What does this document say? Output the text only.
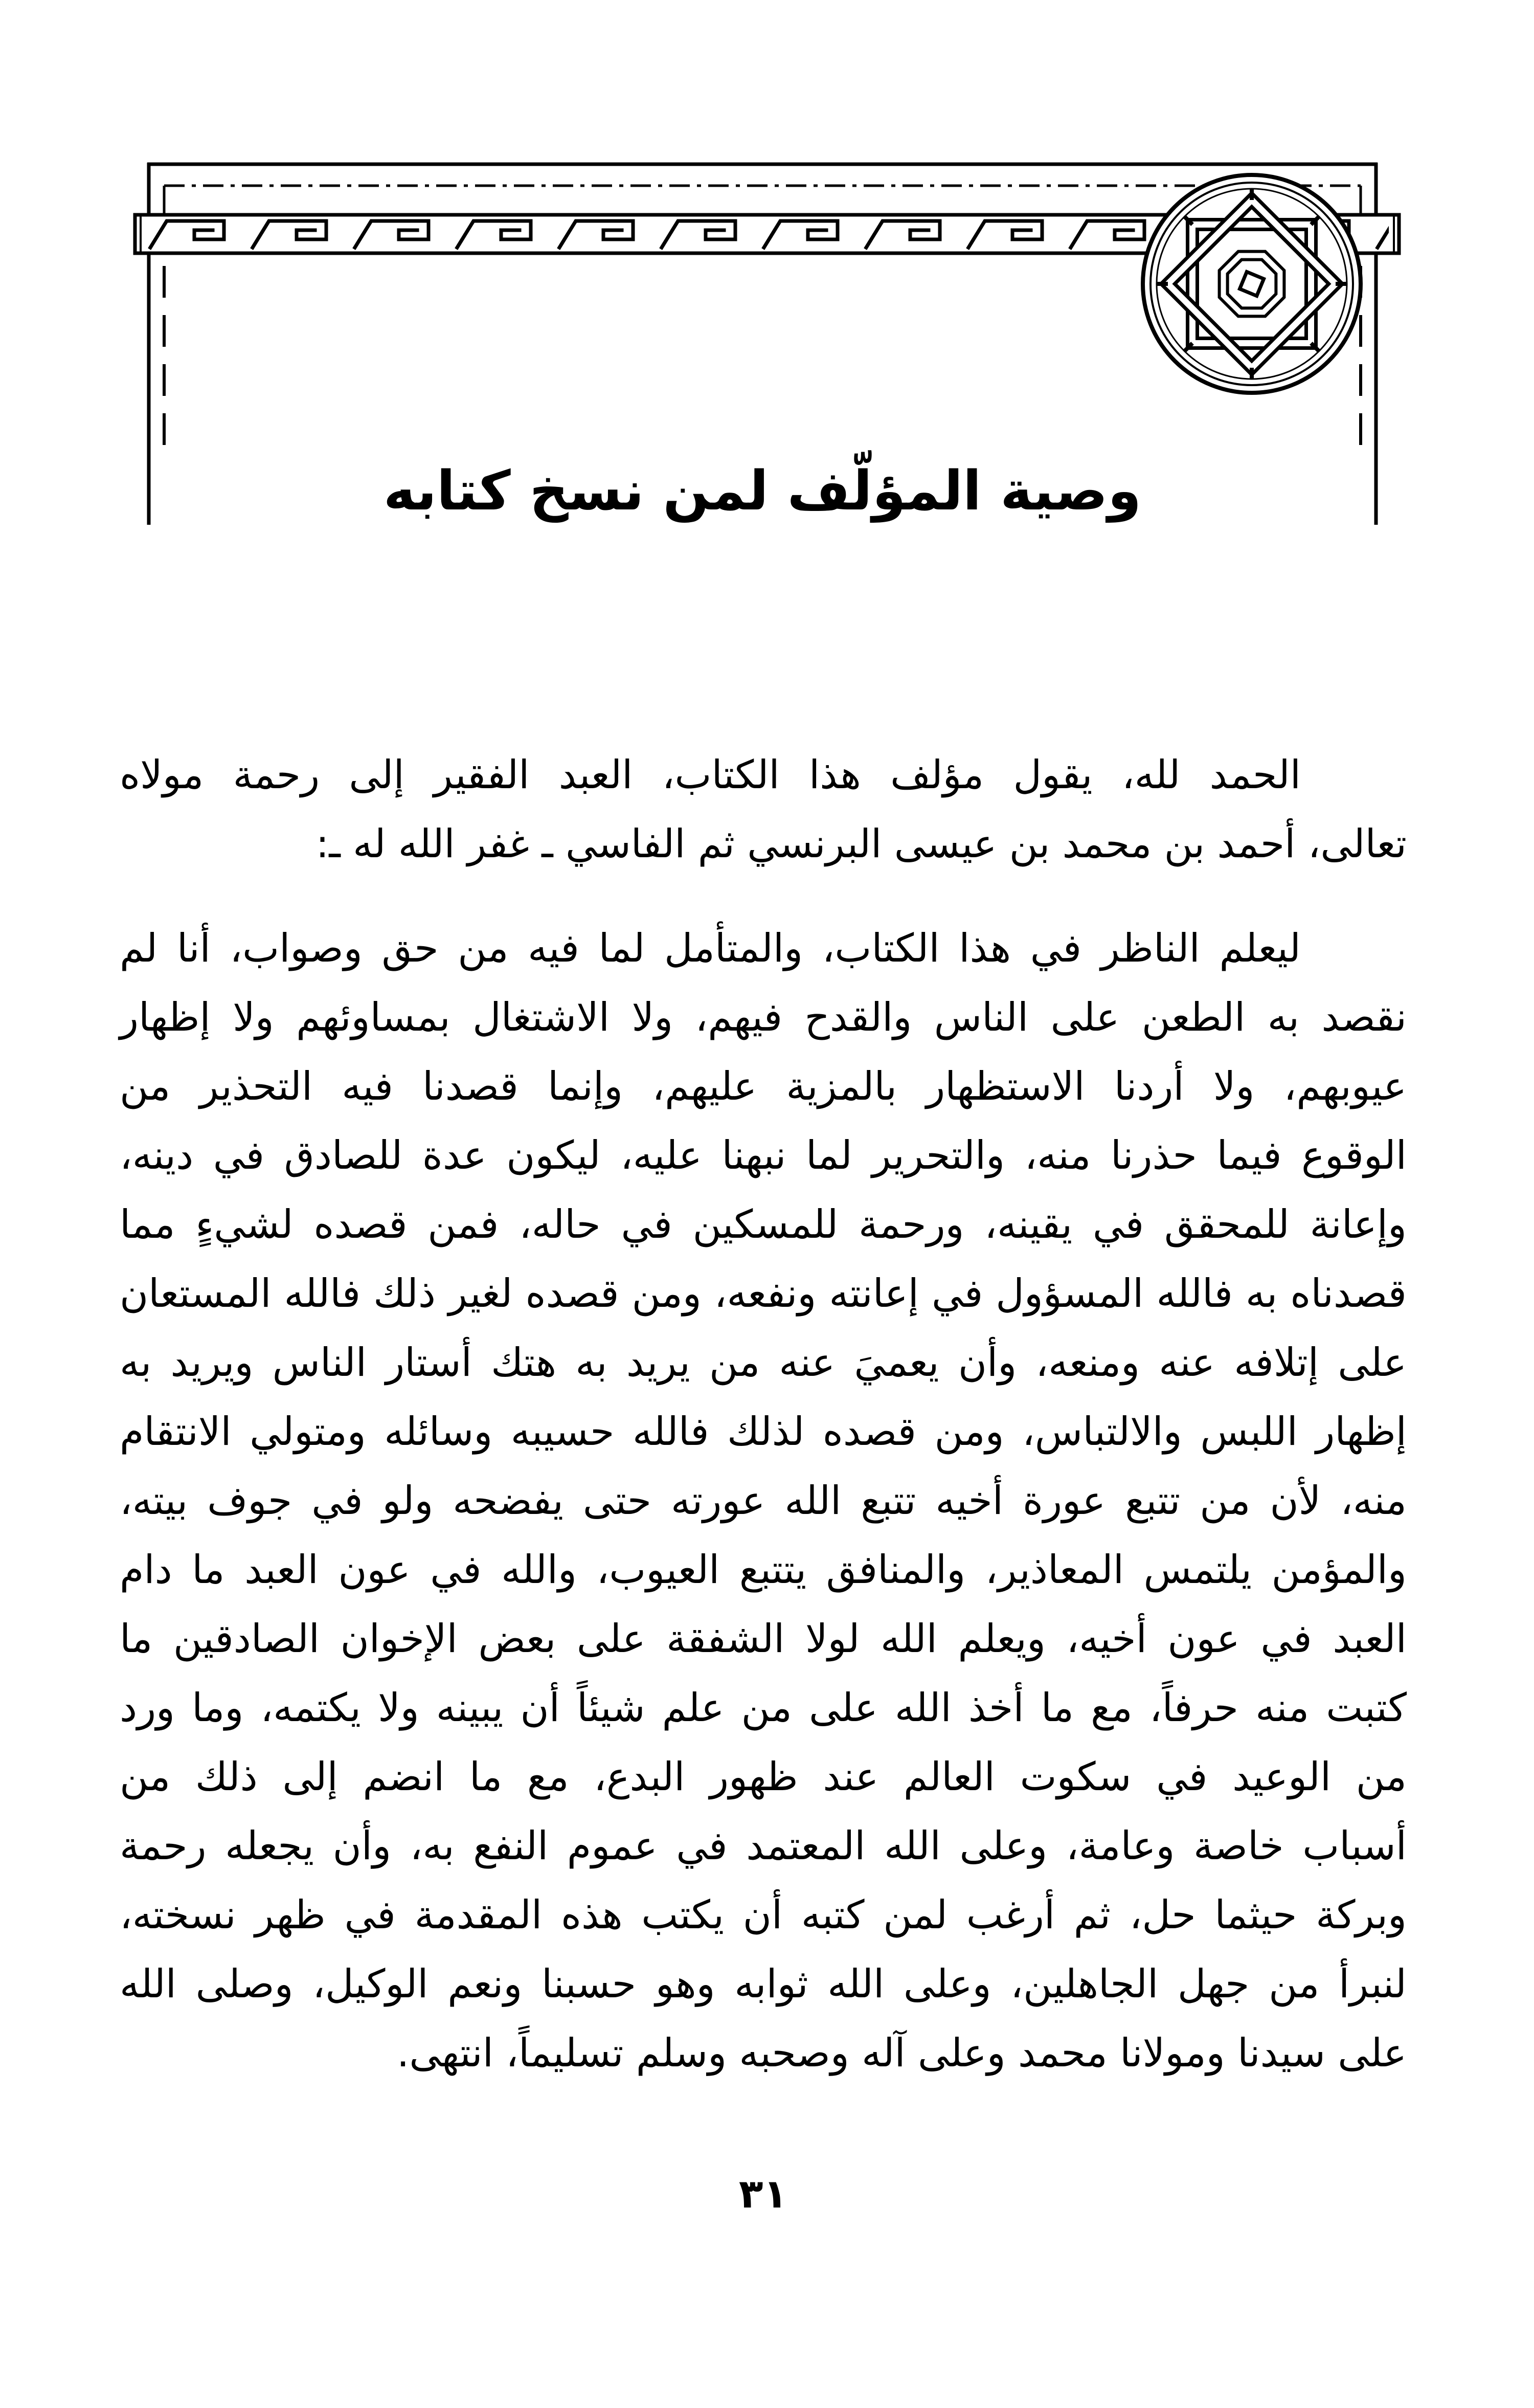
وصية المؤلّف لمن نسخ كتابه
الحمد لله، يقول مؤلف هذا الكتاب، العبد الفقير إلى رحمة مولاه
تعالى، أحمد بن محمد بن عيسى البرنسي ثم الفاسي ـ غفر الله له ـ:
ليعلم الناظر في هذا الكتاب، والمتأمل لما فيه من حق وصواب، أنا لم
نقصد به الطعن على الناس والقدح فيهم، ولا الاشتغال بمساوئهم ولا إظهار
عيوبهم، ولا أردنا الاستظهار بالمزية عليهم، وإنما قصدنا فيه التحذير من
الوقوع فيما حذرنا منه، والتحرير لما نبهنا عليه، ليكون عدة للصادق في دينه،
وإعانة للمحقق في يقينه، ورحمة للمسكين في حاله، فمن قصده لشيءٍ مما
قصدناه به فالله المسؤول في إعانته ونفعه، ومن قصده لغير ذلك فالله المستعان
على إتلافه عنه ومنعه، وأن يعميَ عنه من يريد به هتك أستار الناس ويريد به
إظهار اللبس والالتباس، ومن قصده لذلك فالله حسيبه وسائله ومتولي الانتقام
منه، لأن من تتبع عورة أخيه تتبع الله عورته حتى يفضحه ولو في جوف بيته،
والمؤمن يلتمس المعاذير، والمنافق يتتبع العيوب، والله في عون العبد ما دام
العبد في عون أخيه، ويعلم الله لولا الشفقة على بعض الإخوان الصادقين ما
كتبت منه حرفاً، مع ما أخذ الله على من علم شيئاً أن يبينه ولا يكتمه، وما ورد
من الوعيد في سكوت العالم عند ظهور البدع، مع ما انضم إلى ذلك من
أسباب خاصة وعامة، وعلى الله المعتمد في عموم النفع به، وأن يجعله رحمة
وبركة حيثما حل، ثم أرغب لمن كتبه أن يكتب هذه المقدمة في ظهر نسخته،
لنبرأ من جهل الجاهلين، وعلى الله ثوابه وهو حسبنا ونعم الوكيل، وصلى الله
على سيدنا ومولانا محمد وعلى آله وصحبه وسلم تسليماً، انتهى.
٣١
